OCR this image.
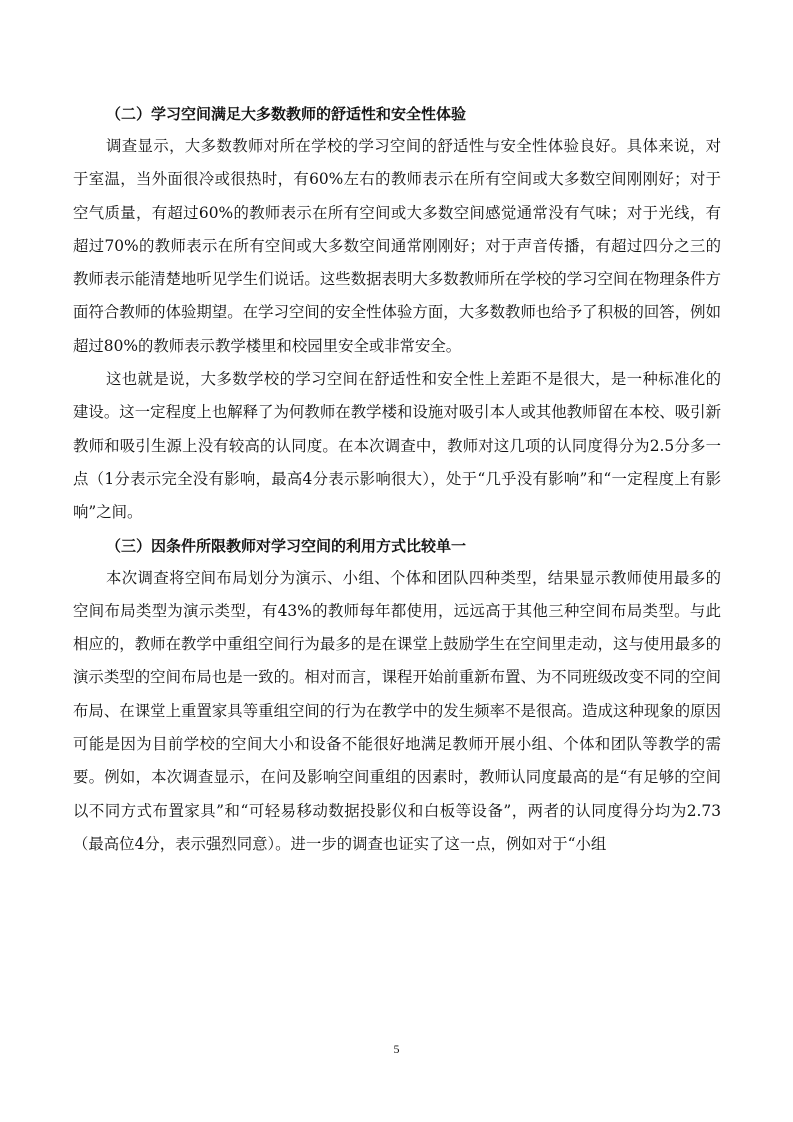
（二）学习空间满足大多数教师的舒适性和安全性体验

调查显示，大多数教师对所在学校的学习空间的舒适性与安全性体验良好。具体来说，对于室温，当外面很冷或很热时，有60%左右的教师表示在所有空间或大多数空间刚刚好；对于空气质量，有超过60%的教师表示在所有空间或大多数空间感觉通常没有气味；对于光线，有超过70%的教师表示在所有空间或大多数空间通常刚刚好；对于声音传播，有超过四分之三的教师表示能清楚地听见学生们说话。这些数据表明大多数教师所在学校的学习空间在物理条件方面符合教师的体验期望。在学习空间的安全性体验方面，大多数教师也给予了积极的回答，例如超过80%的教师表示教学楼里和校园里安全或非常安全。

这也就是说，大多数学校的学习空间在舒适性和安全性上差距不是很大，是一种标准化的建设。这一定程度上也解释了为何教师在教学楼和设施对吸引本人或其他教师留在本校、吸引新教师和吸引生源上没有较高的认同度。在本次调查中，教师对这几项的认同度得分为2.5分多一点（1分表示完全没有影响，最高4分表示影响很大），处于“几乎没有影响”和“一定程度上有影响”之间。

（三）因条件所限教师对学习空间的利用方式比较单一

本次调查将空间布局划分为演示、小组、个体和团队四种类型，结果显示教师使用最多的空间布局类型为演示类型，有43%的教师每年都使用，远远高于其他三种空间布局类型。与此相应的，教师在教学中重组空间行为最多的是在课堂上鼓励学生在空间里走动，这与使用最多的演示类型的空间布局也是一致的。相对而言，课程开始前重新布置、为不同班级改变不同的空间布局、在课堂上重置家具等重组空间的行为在教学中的发生频率不是很高。造成这种现象的原因可能是因为目前学校的空间大小和设备不能很好地满足教师开展小组、个体和团队等教学的需要。例如，本次调查显示，在问及影响空间重组的因素时，教师认同度最高的是“有足够的空间以不同方式布置家具”和“可轻易移动数据投影仪和白板等设备”，两者的认同度得分均为2.73（最高位4分，表示强烈同意）。进一步的调查也证实了这一点，例如对于“小组

5
